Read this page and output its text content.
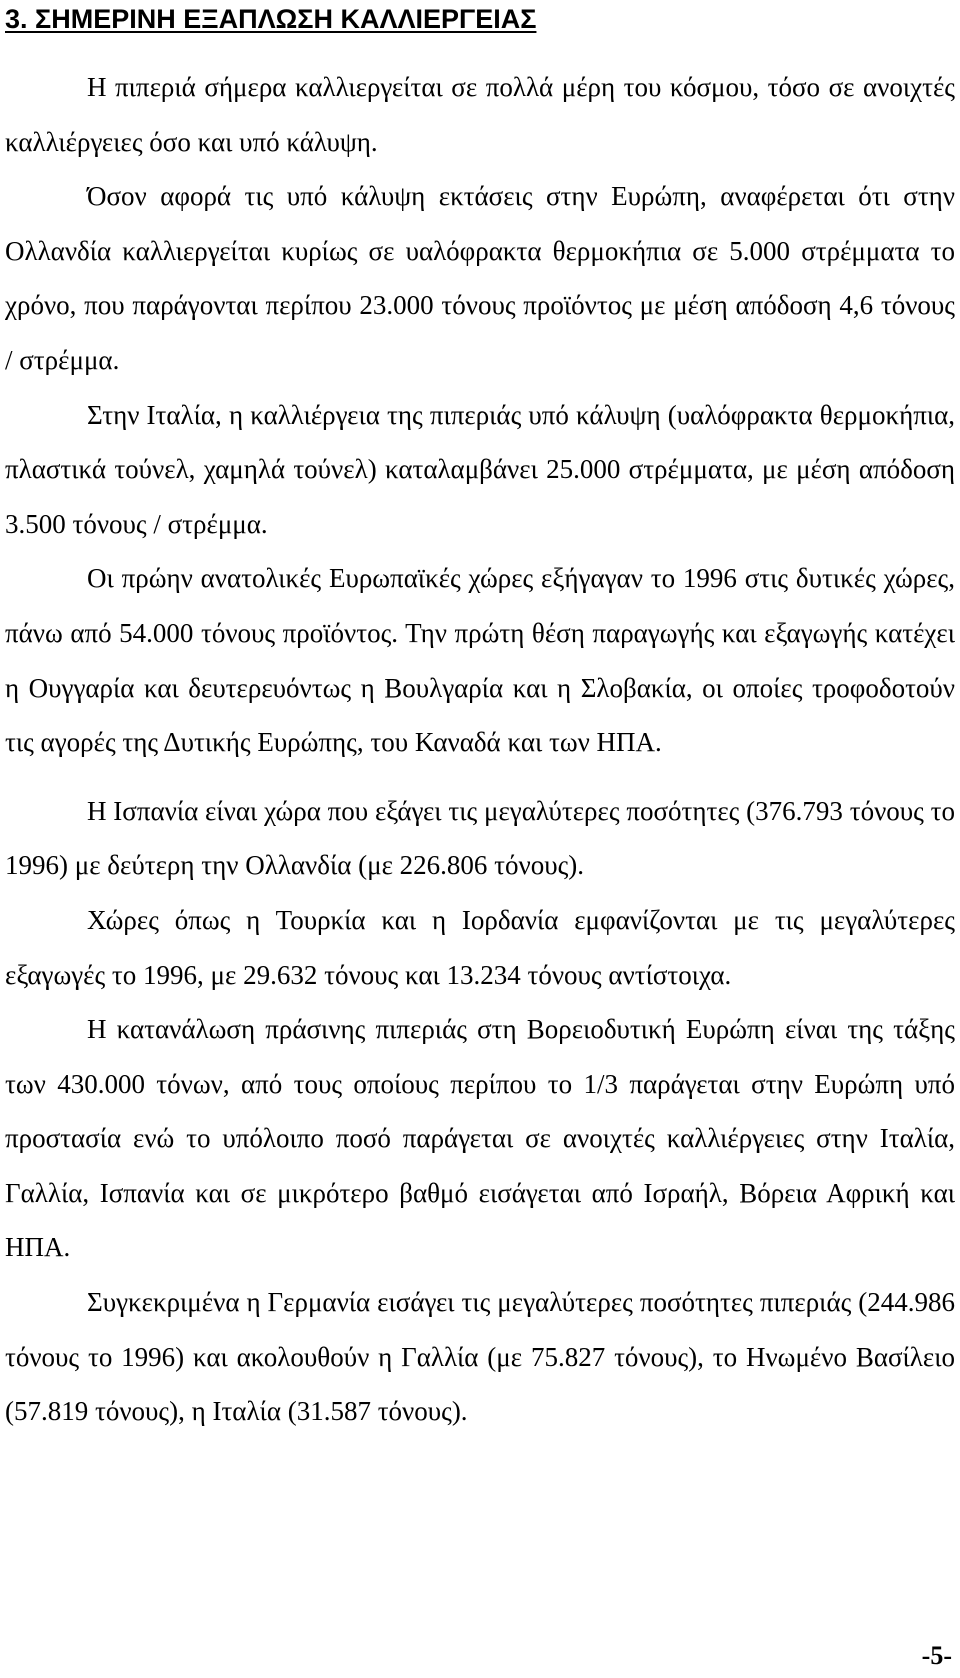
3. ΣΗΜΕΡΙΝΗ ΕΞΑΠΛΩΣΗ ΚΑΛΛΙΕΡΓΕΙΑΣ

Η πιπεριά σήμερα καλλιεργείται σε πολλά μέρη του κόσμου, τόσο σε ανοιχτές καλλιέργειες όσο και υπό κάλυψη.

Όσον αφορά τις υπό κάλυψη εκτάσεις στην Ευρώπη, αναφέρεται ότι στην Ολλανδία καλλιεργείται κυρίως σε υαλόφρακτα θερμοκήπια σε 5.000 στρέμματα το χρόνο, που παράγονται περίπου 23.000 τόνους προϊόντος με μέση απόδοση 4,6 τόνους / στρέμμα.

Στην Ιταλία, η καλλιέργεια της πιπεριάς υπό κάλυψη (υαλόφρακτα θερμοκήπια, πλαστικά τούνελ, χαμηλά τούνελ) καταλαμβάνει 25.000 στρέμματα, με μέση απόδοση 3.500 τόνους / στρέμμα.

Οι πρώην ανατολικές Ευρωπαϊκές χώρες εξήγαγαν το 1996 στις δυτικές χώρες, πάνω από 54.000 τόνους προϊόντος. Την πρώτη θέση παραγωγής και εξαγωγής κατέχει η Ουγγαρία και δευτερευόντως η Βουλγαρία και η Σλοβακία, οι οποίες τροφοδοτούν τις αγορές της Δυτικής Ευρώπης, του Καναδά και των ΗΠΑ.

Η Ισπανία είναι χώρα που εξάγει τις μεγαλύτερες ποσότητες (376.793 τόνους το 1996) με δεύτερη την Ολλανδία (με 226.806 τόνους).

Χώρες όπως η Τουρκία και η Ιορδανία εμφανίζονται με τις μεγαλύτερες εξαγωγές το 1996, με 29.632 τόνους και 13.234 τόνους αντίστοιχα.

Η κατανάλωση πράσινης πιπεριάς στη Βορειοδυτική Ευρώπη είναι της τάξης των 430.000 τόνων, από τους οποίους περίπου το 1/3 παράγεται στην Ευρώπη υπό προστασία ενώ το υπόλοιπο ποσό παράγεται σε ανοιχτές καλλιέργειες στην Ιταλία, Γαλλία, Ισπανία και σε μικρότερο βαθμό εισάγεται από Ισραήλ, Βόρεια Αφρική και ΗΠΑ.

Συγκεκριμένα η Γερμανία εισάγει τις μεγαλύτερες ποσότητες πιπεριάς (244.986 τόνους το 1996) και ακολουθούν η Γαλλία (με 75.827 τόνους), το Ηνωμένο Βασίλειο (57.819 τόνους), η Ιταλία (31.587 τόνους).

-5-
